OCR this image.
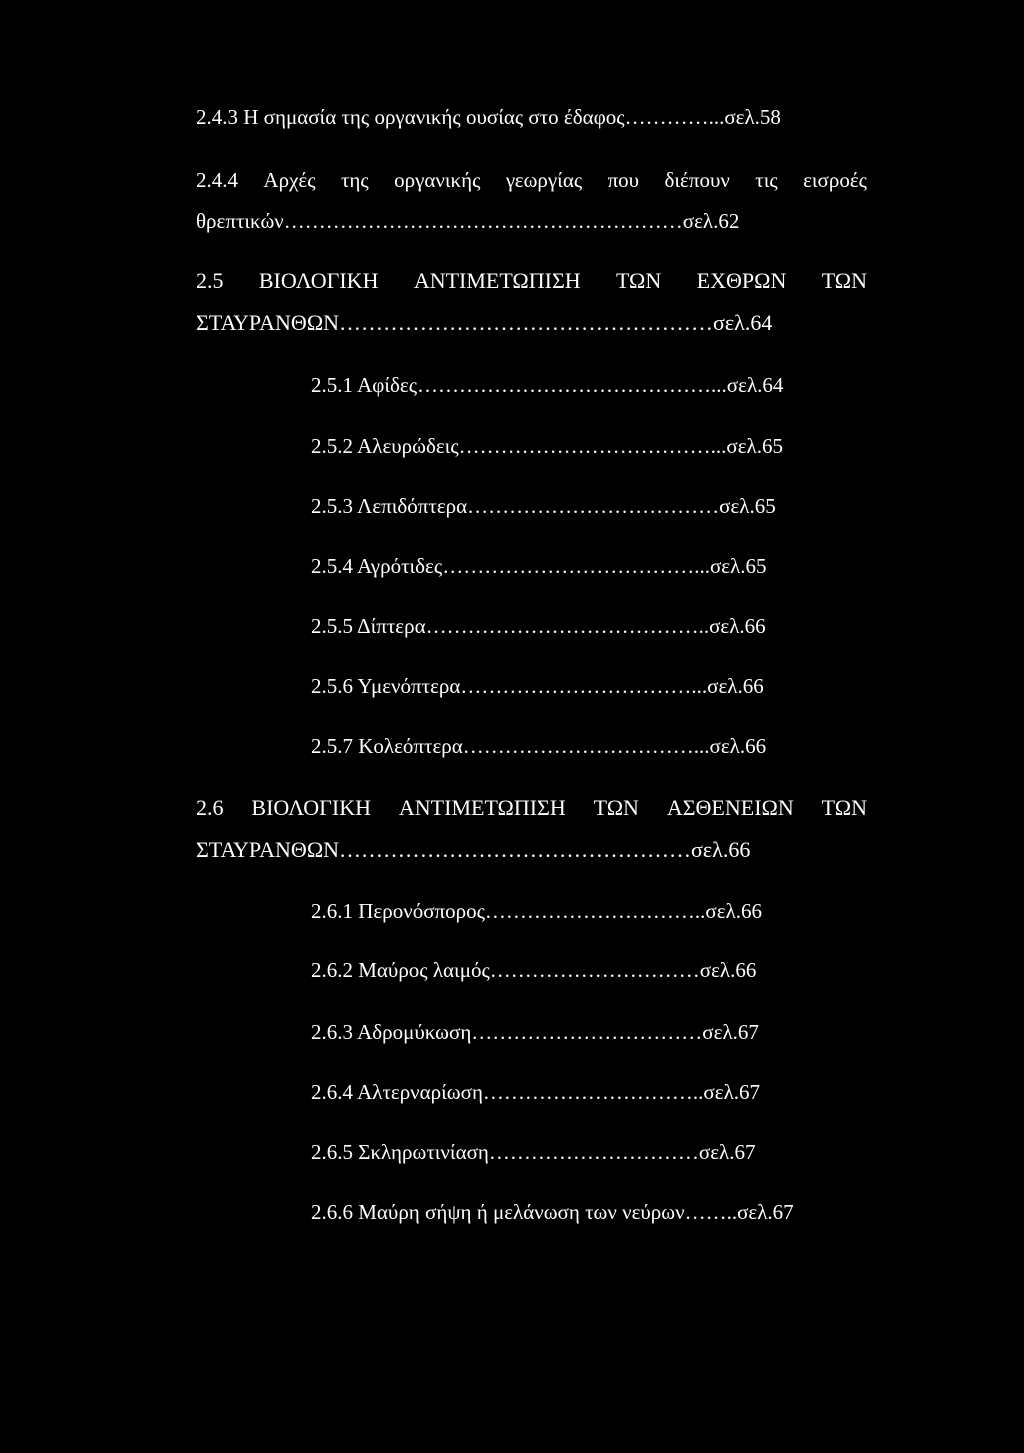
2.4.3 Η σημασία της οργανικής ουσίας στο έδαφος…………...σελ.58
2.4.4 Αρχές της οργανικής γεωργίας που διέπουν τις εισροές
θρεπτικών…………………………………………………σελ.62
2.5 ΒΙΟΛΟΓΙΚΗ ΑΝΤΙΜΕΤΩΠΙΣΗ ΤΩΝ ΕΧΘΡΩΝ ΤΩΝ
ΣΤΑΥΡΑΝΘΩΝ……………………………………………σελ.64
2.5.1 Αφίδες……………………………………...σελ.64
2.5.2 Αλευρώδεις………………………………...σελ.65
2.5.3 Λεπιδόπτερα………………………………σελ.65
2.5.4 Αγρότιδες………………………………...σελ.65
2.5.5 Δίπτερα…………………………………..σελ.66
2.5.6 Υμενόπτερα……………………………...σελ.66
2.5.7 Κολεόπτερα……………………………...σελ.66
2.6 ΒΙΟΛΟΓΙΚΗ ΑΝΤΙΜΕΤΩΠΙΣΗ ΤΩΝ ΑΣΘΕΝΕΙΩΝ ΤΩΝ
ΣΤΑΥΡΑΝΘΩΝ…………………………………………σελ.66
2.6.1 Περονόσπορος…………………………..σελ.66
2.6.2 Μαύρος λαιμός…………………………σελ.66
2.6.3 Αδρομύκωση……………………………σελ.67
2.6.4 Αλτερναρίωση…………………………..σελ.67
2.6.5 Σκληρωτινίαση…………………………σελ.67
2.6.6 Μαύρη σήψη ή μελάνωση των νεύρων……..σελ.67
